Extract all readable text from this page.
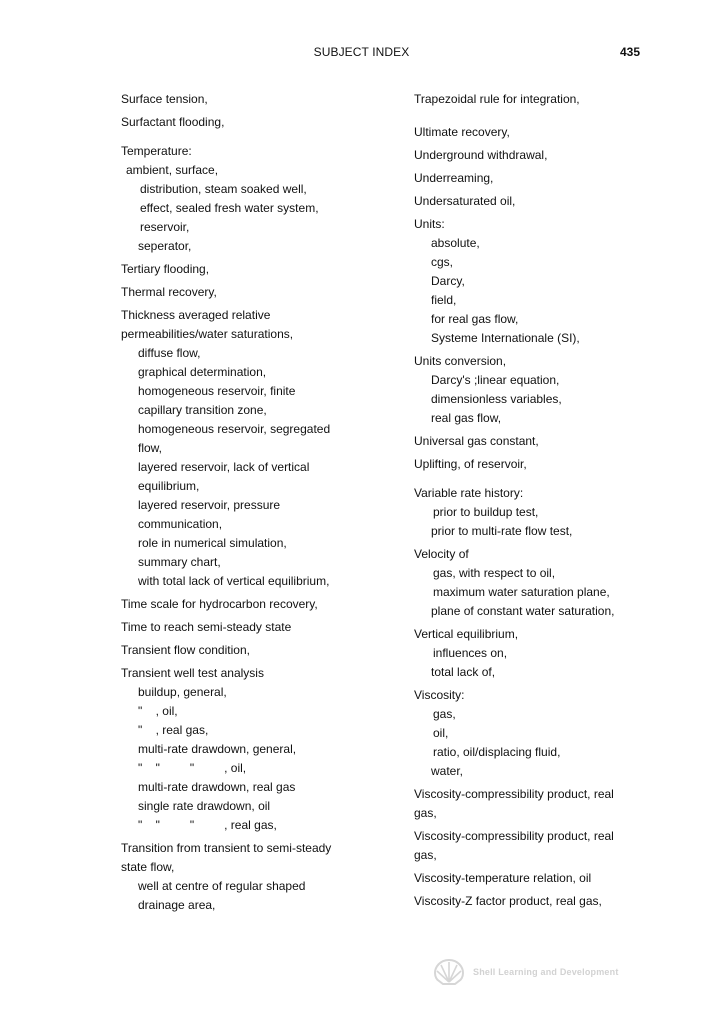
SUBJECT INDEX	435

Surface tension,

Surfactant flooding,

Temperature:

ambient, surface,

distribution, steam soaked well,

effect, sealed fresh water system,

reservoir,

seperator,

Tertiary flooding,

Thermal recovery,

Thickness averaged relative

permeabilities/water saturations,

diffuse flow,

graphical determination,

homogeneous reservoir, finite

capillary transition zone,

homogeneous reservoir, segregated

flow,

layered reservoir, lack of vertical

equilibrium,

layered reservoir, pressure

communication,

role in numerical simulation,

summary chart,

with total lack of vertical equilibrium,

Time scale for hydrocarbon recovery,

Time to reach semi-steady state

Transient flow condition,

Transient well test analysis

buildup, general,

"    , oil,

"    , real gas,

multi-rate drawdown, general,

"    "         "         , oil,

multi-rate drawdown, real gas

single rate drawdown, oil

"    "         "         , real gas,

Transition from transient to semi-steady

state flow,

well at centre of regular shaped

drainage area,

Trapezoidal rule for integration,

Ultimate recovery,

Underground withdrawal,

Underreaming,

Undersaturated oil,

Units:

absolute,

cgs,

Darcy,

field,

for real gas flow,

Systeme Internationale (SI),

Units conversion,

Darcy's ;linear equation,

dimensionless variables,

real gas flow,

Universal gas constant,

Uplifting, of reservoir,

Variable rate history:

prior to buildup test,

prior to multi-rate flow test,

Velocity of

gas, with respect to oil,

maximum water saturation plane,

plane of constant water saturation,

Vertical equilibrium,

influences on,

total lack of,

Viscosity:

gas,

oil,

ratio, oil/displacing fluid,

water,

Viscosity-compressibility product, real

gas,

Viscosity-compressibility product, real

gas,

Viscosity-temperature relation, oil

Viscosity-Z factor product, real gas,

Shell Learning and Development
